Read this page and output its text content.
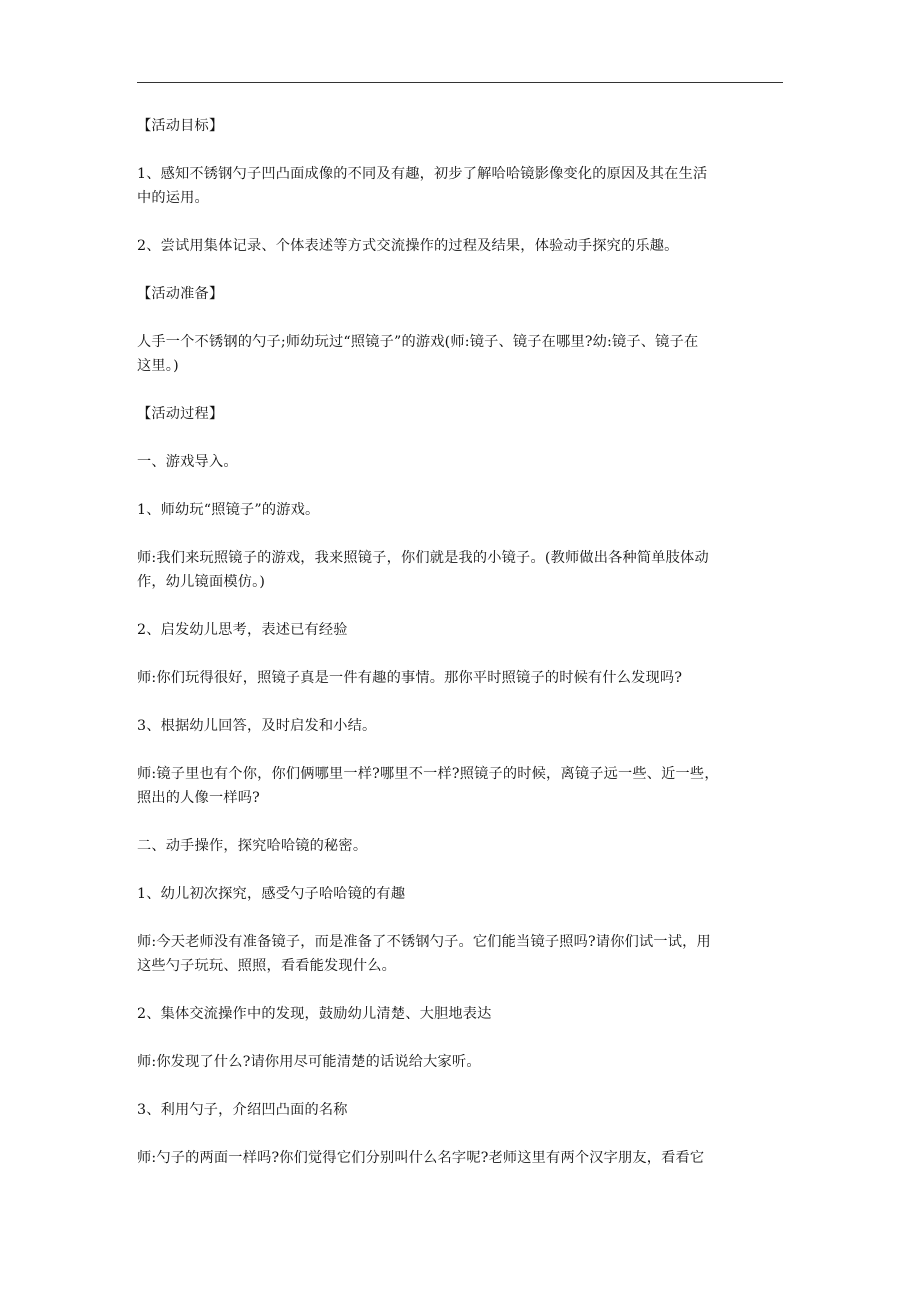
【活动目标】

1、感知不锈钢勺子凹凸面成像的不同及有趣，初步了解哈哈镜影像变化的原因及其在生活
中的运用。

2、尝试用集体记录、个体表述等方式交流操作的过程及结果，体验动手探究的乐趣。

【活动准备】

人手一个不锈钢的勺子;师幼玩过“照镜子”的游戏(师:镜子、镜子在哪里?幼:镜子、镜子在
这里。)

【活动过程】

一、游戏导入。

1、师幼玩“照镜子”的游戏。

师:我们来玩照镜子的游戏，我来照镜子，你们就是我的小镜子。(教师做出各种简单肢体动
作，幼儿镜面模仿。)

2、启发幼儿思考，表述已有经验

师:你们玩得很好，照镜子真是一件有趣的事情。那你平时照镜子的时候有什么发现吗?

3、根据幼儿回答，及时启发和小结。

师:镜子里也有个你，你们俩哪里一样?哪里不一样?照镜子的时候，离镜子远一些、近一些，
照出的人像一样吗?

二、动手操作，探究哈哈镜的秘密。

1、幼儿初次探究，感受勺子哈哈镜的有趣

师:今天老师没有准备镜子，而是准备了不锈钢勺子。它们能当镜子照吗?请你们试一试，用
这些勺子玩玩、照照，看看能发现什么。

2、集体交流操作中的发现，鼓励幼儿清楚、大胆地表达

师:你发现了什么?请你用尽可能清楚的话说给大家听。

3、利用勺子，介绍凹凸面的名称

师:勺子的两面一样吗?你们觉得它们分别叫什么名字呢?老师这里有两个汉字朋友，看看它
